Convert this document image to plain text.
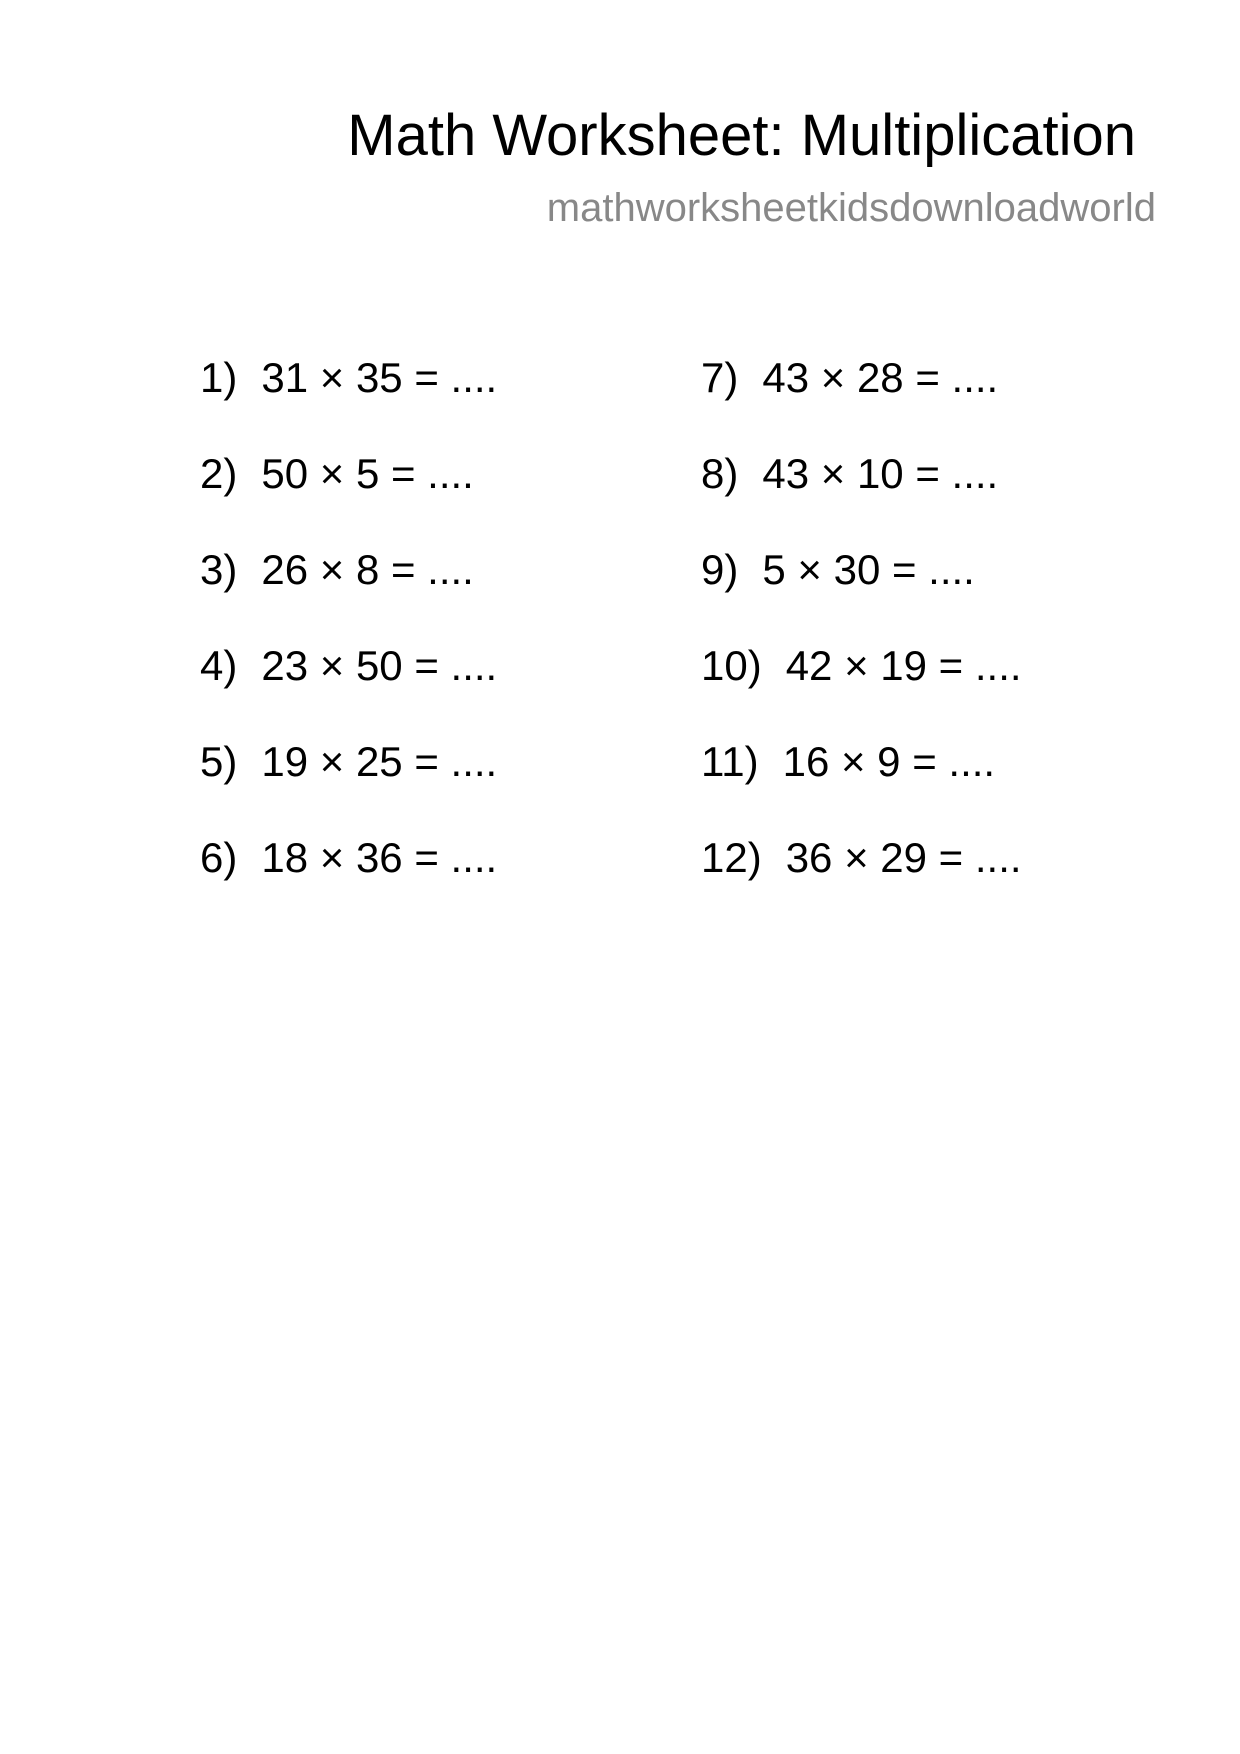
Math Worksheet: Multiplication
mathworksheetkidsdownloadworld
1) 31 × 35 = ....
2) 50 × 5 = ....
3) 26 × 8 = ....
4) 23 × 50 = ....
5) 19 × 25 = ....
6) 18 × 36 = ....
7) 43 × 28 = ....
8) 43 × 10 = ....
9) 5 × 30 = ....
10) 42 × 19 = ....
11) 16 × 9 = ....
12) 36 × 29 = ....
